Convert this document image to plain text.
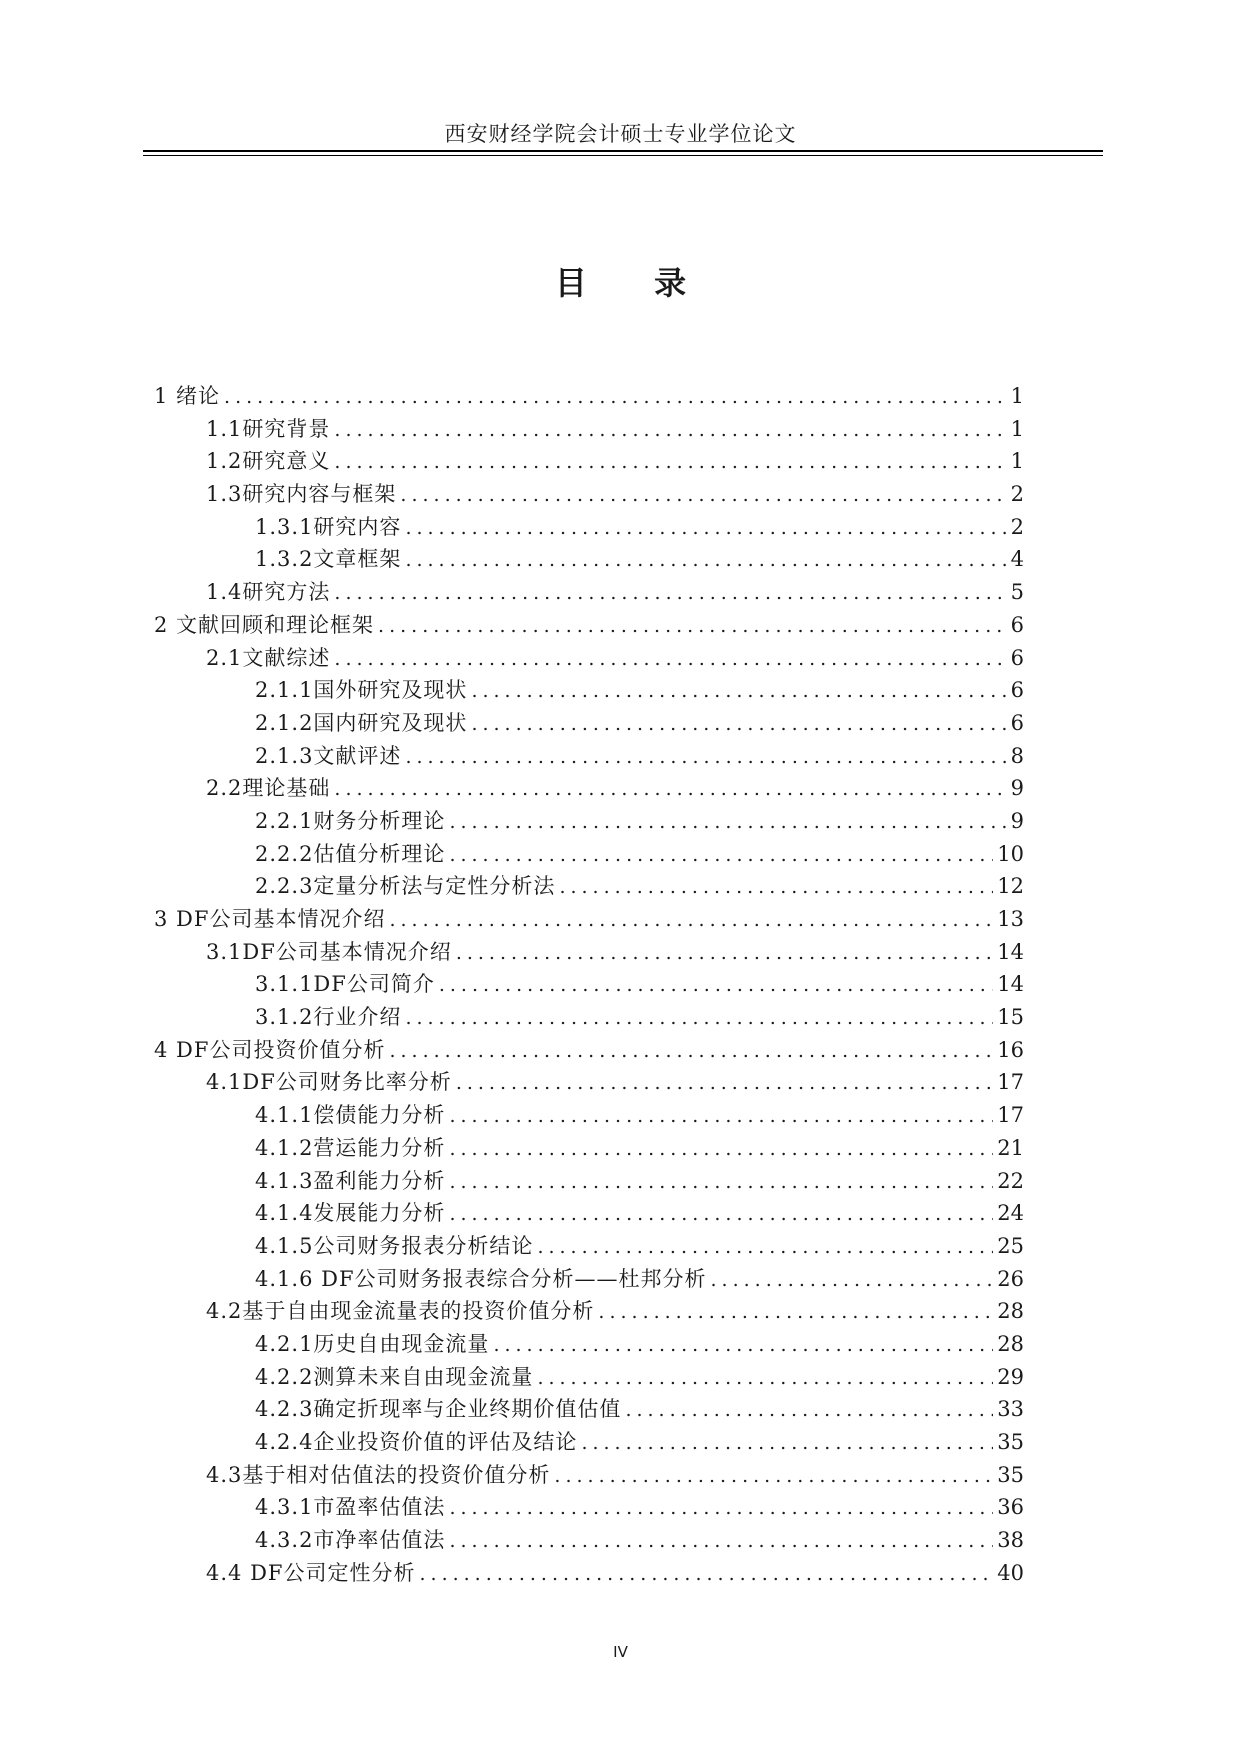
西安财经学院会计硕士专业学位论文
目 录
1 绪论 .....	1
1.1研究背景 .....	1
1.2研究意义 .....	1
1.3研究内容与框架 .....	2
1.3.1研究内容 .....	2
1.3.2文章框架 .....	4
1.4研究方法 .....	5
2 文献回顾和理论框架 .....	6
2.1文献综述 .....	6
2.1.1国外研究及现状 .....	6
2.1.2国内研究及现状 .....	6
2.1.3文献评述 .....	8
2.2理论基础 .....	9
2.2.1财务分析理论 .....	9
2.2.2估值分析理论 .....	10
2.2.3定量分析法与定性分析法 .....	12
3 DF公司基本情况介绍 .....	13
3.1DF公司基本情况介绍 .....	14
3.1.1DF公司简介 .....	14
3.1.2行业介绍 .....	15
4 DF公司投资价值分析 .....	16
4.1DF公司财务比率分析 .....	17
4.1.1偿债能力分析 .....	17
4.1.2营运能力分析 .....	21
4.1.3盈利能力分析 .....	22
4.1.4发展能力分析 .....	24
4.1.5公司财务报表分析结论 .....	25
4.1.6 DF公司财务报表综合分析——杜邦分析 .....	26
4.2基于自由现金流量表的投资价值分析 .....	28
4.2.1历史自由现金流量 .....	28
4.2.2测算未来自由现金流量 .....	29
4.2.3确定折现率与企业终期价值估值 .....	33
4.2.4企业投资价值的评估及结论 .....	35
4.3基于相对估值法的投资价值分析 .....	35
4.3.1市盈率估值法 .....	36
4.3.2市净率估值法 .....	38
4.4 DF公司定性分析 .....	40
IV
